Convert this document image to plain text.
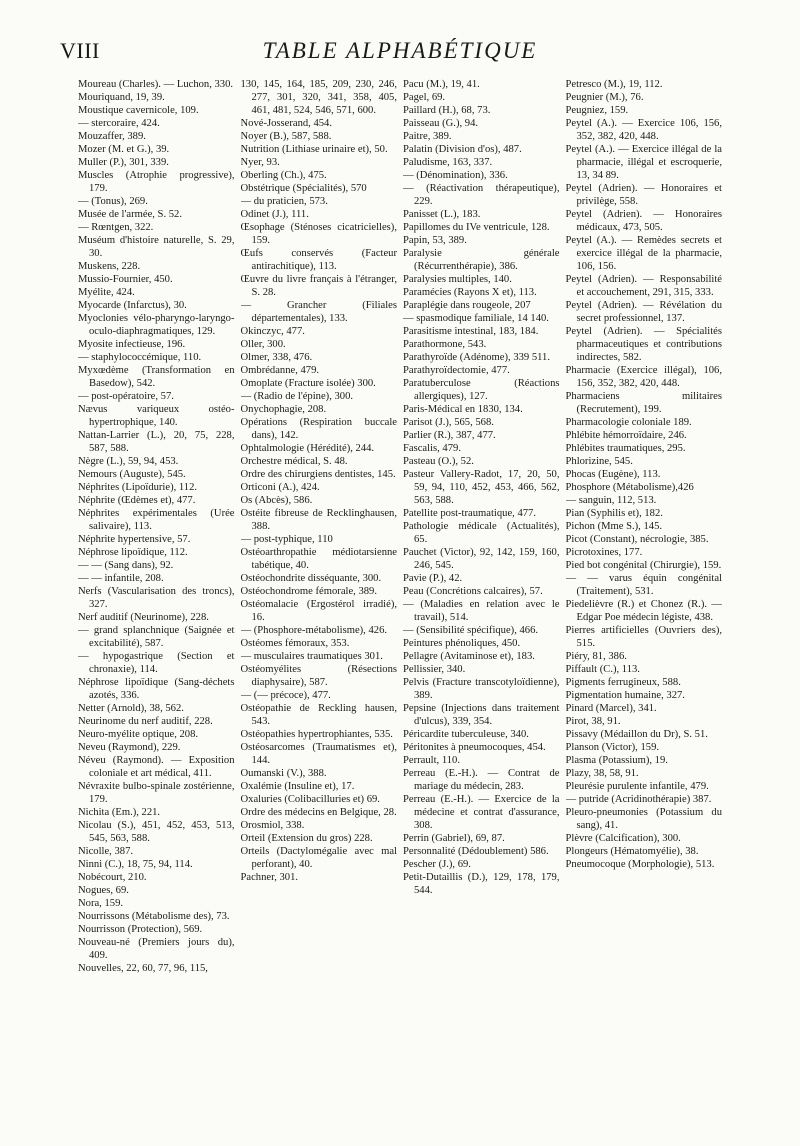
VIII	TABLE ALPHABÉTIQUE
Moureau (Charles). — Luchon, 330.
Mouriquand, 19, 39.
Moustique cavernicole, 109.
— stercoraire, 424.
Mouzaffer, 389.
Mozer (M. et G.), 39.
Muller (P.), 301, 339.
Muscles (Atrophie progressive), 179.
— (Tonus), 269.
Musée de l'armée, S. 52.
— Rœntgen, 322.
Muséum d'histoire naturelle, S. 29, 30.
Muskens, 228.
Mussio-Fournier, 450.
Myélite, 424.
Myocarde (Infarctus), 30.
Myoclonies vélo-pharyngo-laryngo-oculo-diaphragmatiques, 129.
Myosite infectieuse, 196.
— staphylococcémique, 110.
Myxœdème (Transformation en Basedow), 542.
— post-opératoire, 57.
Nævus variqueux ostéo-hypertrophique, 140.
Nattan-Larrier (L.), 20, 75, 228, 587, 588.
Nègre (L.), 59, 94, 453.
Nemours (Auguste), 545.
Néphrites (Lipoïdurie), 112.
Néphrite (Œdèmes et), 477.
Néphrites expérimentales (Urée salivaire), 113.
Néphrite hypertensive, 57.
Néphrose lipoïdique, 112.
— — (Sang dans), 92.
— — infantile, 208.
Nerfs (Vascularisation des troncs), 327.
Nerf auditif (Neurinome), 228.
— grand splanchnique (Saignée et excitabilité), 587.
— hypogastrique (Section et chronaxie), 114.
Néphrose lipoïdique (Sang-déchets azotés, 336.
Netter (Arnold), 38, 562.
Neurinome du nerf auditif, 228.
Neuro-myélite optique, 208.
Neveu (Raymond), 229.
Néveu (Raymond). — Exposition coloniale et art médical, 411.
Névraxite bulbo-spinale zostérienne, 179.
Nichita (Em.), 221.
Nicolau (S.), 451, 452, 453, 513, 545, 563, 588.
Nicolle, 387.
Ninni (C.), 18, 75, 94, 114.
Nobécourt, 210.
Nogues, 69.
Nora, 159.
Nourrissons (Métabolisme des), 73.
Nourrisson (Protection), 569.
Nouveau-né (Premiers jours du), 409.
Nouvelles, 22, 60, 77, 96, 115,
130, 145, 164, 185, 209, 230, 246, 277, 301, 320, 341, 358, 405, 461, 481, 524, 546, 571, 600.
Nové-Josserand, 454.
Noyer (B.), 587, 588.
Nutrition (Lithiase urinaire et), 50.
Nyer, 93.
Oberling (Ch.), 475.
Obstétrique (Spécialités), 570
— du praticien, 573.
Odinet (J.), 111.
Œsophage (Sténoses cicatricielles), 159.
Œufs conservés (Facteur antirachitique), 113.
Œuvre du livre français à l'étranger, S. 28.
— Grancher (Filiales départementales), 133.
Okinczyc, 477.
Oller, 300.
Olmer, 338, 476.
Ombrédanne, 479.
Omoplate (Fracture isolée) 300.
— (Radio de l'épine), 300.
Onychophagie, 208.
Opérations (Respiration buccale dans), 142.
Ophtalmologie (Hérédité), 244.
Orchestre médical, S. 48.
Ordre des chirurgiens dentistes, 145.
Orticoni (A.), 424.
Os (Abcès), 586.
Ostéite fibreuse de Recklinghausen, 388.
— post-typhique, 110
Ostéoarthropathie médiotarsienne tabétique, 40.
Ostéochondrite disséquante, 300.
Ostéochondrome fémorale, 389.
Ostéomalacie (Ergostérol irradié), 16.
— (Phosphore-métabolisme), 426.
Ostéomes fémoraux, 353.
— musculaires traumatiques 301.
Ostéomyélites (Résections diaphysaire), 587.
— (— précoce), 477.
Ostéopathie de Reckling hausen, 543.
Ostéopathies hypertrophiantes, 535.
Ostéosarcomes (Traumatismes et), 144.
Oumanski (V.), 388.
Oxalémie (Insuline et), 17.
Oxaluries (Colibacilluries et) 69.
Ordre des médecins en Belgique, 28.
Orosmiol, 338.
Orteil (Extension du gros) 228.
Orteils (Dactylomégalie avec mal perforant), 40.
Pachner, 301.
Pacu (M.), 19, 41.
Pagel, 69.
Paillard (H.), 68, 73.
Paisseau (G.), 94.
Paitre, 389.
Palatin (Division d'os), 487.
Paludisme, 163, 337.
— (Dénomination), 336.
— (Réactivation thérapeutique), 229.
Panisset (L.), 183.
Papillomes du IVe ventricule, 128.
Papin, 53, 389.
Paralysie générale (Récurrenthérapie), 386.
Paralysies multiples, 140.
Paramécies (Rayons X et), 113.
Paraplégie dans rougeole, 207
— spasmodique familiale, 14 140.
Parasitisme intestinal, 183, 184.
Parathormone, 543.
Parathyroïde (Adénome), 339 511.
Parathyroïdectomie, 477.
Paratuberculose (Réactions allergiques), 127.
Paris-Médical en 1830, 134.
Parisot (J.), 565, 568.
Parlier (R.), 387, 477.
Fascalis, 479.
Pasteau (O.), 52.
Pasteur Vallery-Radot, 17, 20, 50, 59, 94, 110, 452, 453, 466, 562, 563, 588.
Patellite post-traumatique, 477.
Pathologie médicale (Actualités), 65.
Pauchet (Victor), 92, 142, 159, 160, 246, 545.
Pavie (P.), 42.
Peau (Concrétions calcaires), 57.
— (Maladies en relation avec le travail), 514.
— (Sensibilité spécifique), 466.
Peintures phénoliques, 450.
Pellagre (Avitaminose et), 183.
Pellissier, 340.
Pelvis (Fracture transcotyloïdienne), 389.
Pepsine (Injections dans traitement d'ulcus), 339, 354.
Péricardite tuberculeuse, 340.
Péritonites à pneumocoques, 454.
Perrault, 110.
Perreau (E.-H.). — Contrat de mariage du médecin, 283.
Perreau (E.-H.). — Exercice de la médecine et contrat d'assurance, 308.
Perrin (Gabriel), 69, 87.
Personnalité (Dédoublement) 586.
Pescher (J.), 69.
Petit-Dutaillis (D.), 129, 178, 179, 544.
Petresco (M.), 19, 112.
Peugnier (M.), 76.
Peugniez, 159.
Peytel (A.). — Exercice 106, 156, 352, 382, 420, 448.
Peytel (A.). — Exercice illégal de la pharmacie, illégal et escroquerie, 13, 34 89.
Peytel (Adrien). — Honoraires et privilège, 558.
Peytel (Adrien). — Honoraires médicaux, 473, 505.
Peytel (A.). — Remèdes secrets et exercice illégal de la pharmacie, 106, 156.
Peytel (Adrien). — Responsabilité et accouchement, 291, 315, 333.
Peytel (Adrien). — Révélation du secret professionnel, 137.
Peytel (Adrien). — Spécialités pharmaceutiques et contributions indirectes, 582.
Pharmacie (Exercice illégal), 106, 156, 352, 382, 420, 448.
Pharmaciens militaires (Recrutement), 199.
Pharmacologie coloniale 189.
Phlébite hémorroïdaire, 246.
Phlébites traumatiques, 295.
Phlorizine, 545.
Phocas (Eugène), 113.
Phosphore (Métabolisme),426
— sanguin, 112, 513.
Pian (Syphilis et), 182.
Pichon (Mme S.), 145.
Picot (Constant), nécrologie, 385.
Picrotoxines, 177.
Pied bot congénital (Chirurgie), 159.
— — varus équin congénital (Traitement), 531.
Piedelièvre (R.) et Chonez (R.). — Edgar Poe médecin légiste, 438.
Pierres artificielles (Ouvriers des), 515.
Piéry, 81, 386.
Piffault (C.), 113.
Pigments ferrugineux, 588.
Pigmentation humaine, 327.
Pinard (Marcel), 341.
Pirot, 38, 91.
Pissavy (Médaillon du Dr), S. 51.
Planson (Victor), 159.
Plasma (Potassium), 19.
Plazy, 38, 58, 91.
Pleurésie purulente infantile, 479.
— putride (Acridinothérapie) 387.
Pleuro-pneumonies (Potassium du sang), 41.
Plèvre (Calcification), 300.
Plongeurs (Hématomyélie), 38.
Pneumocoque (Morphologie), 513.
